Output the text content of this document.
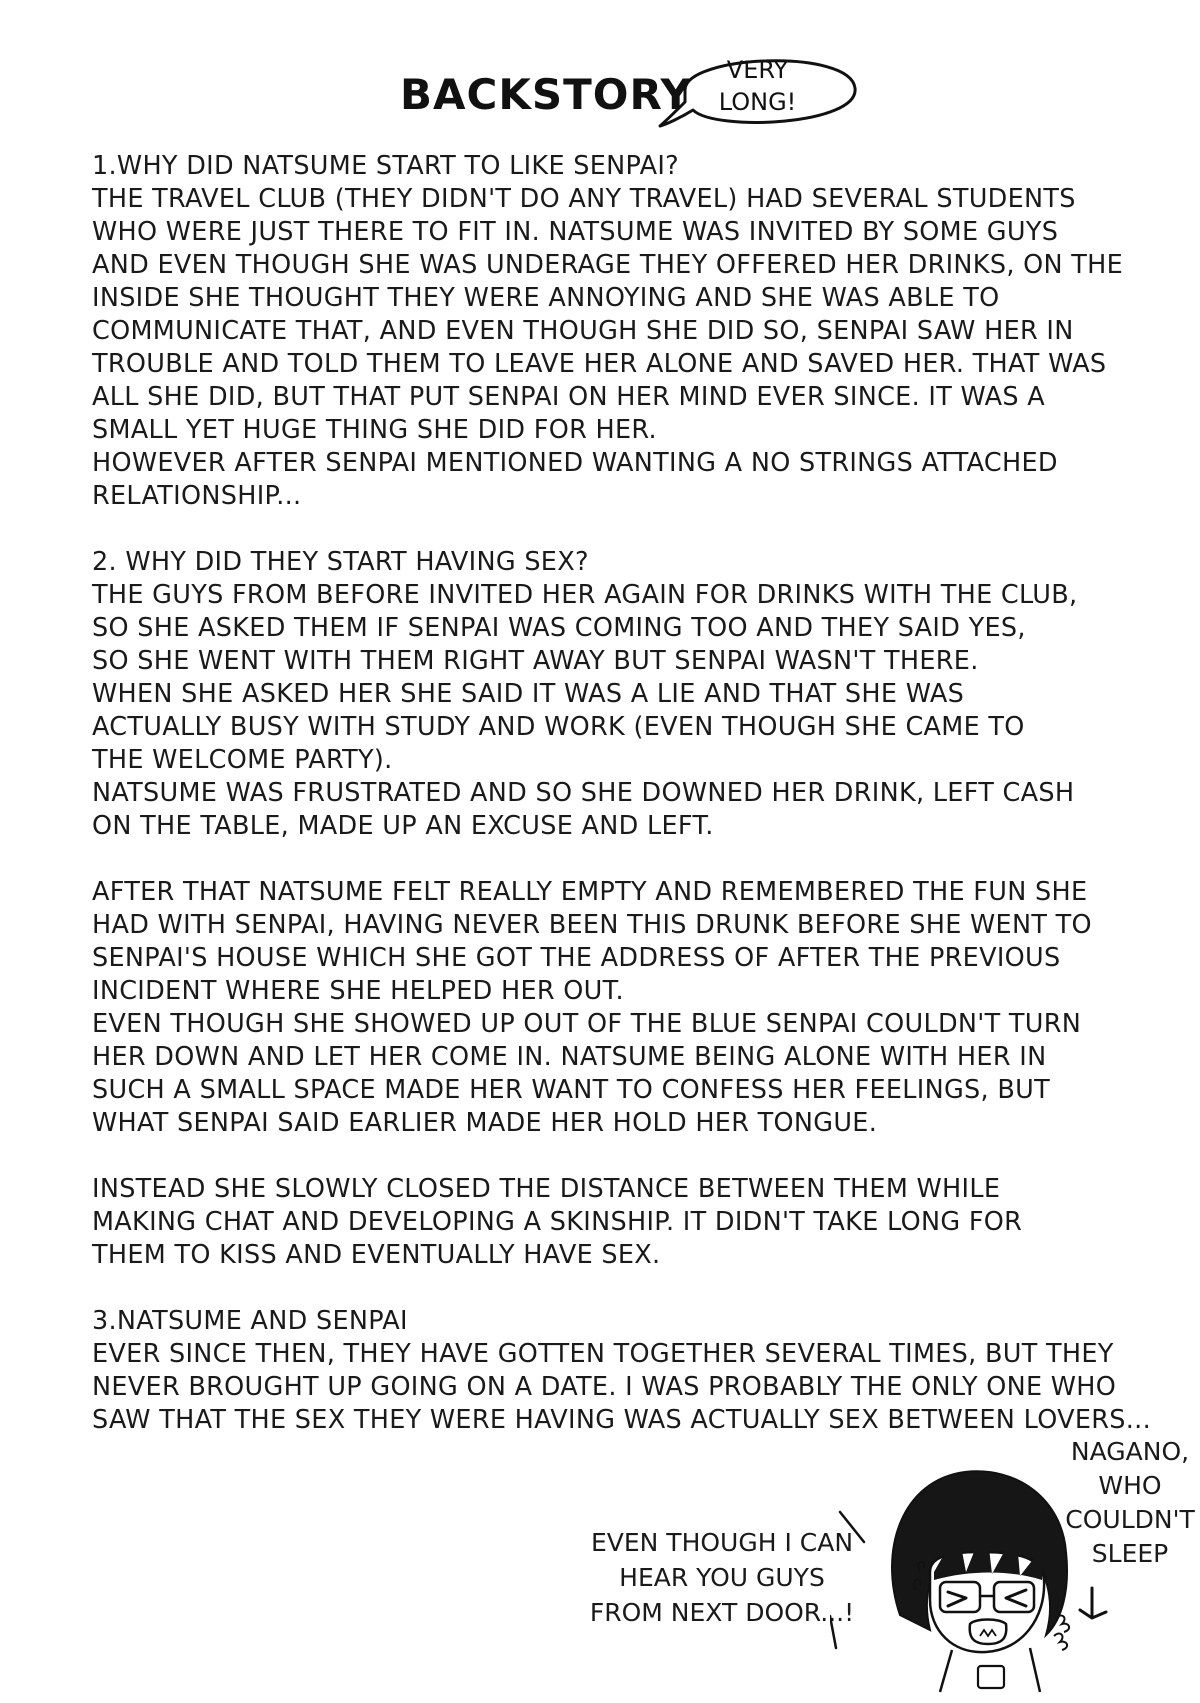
BACKSTORY	VERY
LONG!

1.WHY DID NATSUME START TO LIKE SENPAI?
THE TRAVEL CLUB (THEY DIDN'T DO ANY TRAVEL) HAD SEVERAL STUDENTS
WHO WERE JUST THERE TO FIT IN. NATSUME WAS INVITED BY SOME GUYS
AND EVEN THOUGH SHE WAS UNDERAGE THEY OFFERED HER DRINKS, ON THE
INSIDE SHE THOUGHT THEY WERE ANNOYING AND SHE WAS ABLE TO
COMMUNICATE THAT, AND EVEN THOUGH SHE DID SO, SENPAI SAW HER IN
TROUBLE AND TOLD THEM TO LEAVE HER ALONE AND SAVED HER. THAT WAS
ALL SHE DID, BUT THAT PUT SENPAI ON HER MIND EVER SINCE. IT WAS A
SMALL YET HUGE THING SHE DID FOR HER.
HOWEVER AFTER SENPAI MENTIONED WANTING A NO STRINGS ATTACHED
RELATIONSHIP...

2. WHY DID THEY START HAVING SEX?
THE GUYS FROM BEFORE INVITED HER AGAIN FOR DRINKS WITH THE CLUB,
SO SHE ASKED THEM IF SENPAI WAS COMING TOO AND THEY SAID YES,
SO SHE WENT WITH THEM RIGHT AWAY BUT SENPAI WASN'T THERE.
WHEN SHE ASKED HER SHE SAID IT WAS A LIE AND THAT SHE WAS
ACTUALLY BUSY WITH STUDY AND WORK (EVEN THOUGH SHE CAME TO
THE WELCOME PARTY).
NATSUME WAS FRUSTRATED AND SO SHE DOWNED HER DRINK, LEFT CASH
ON THE TABLE, MADE UP AN EXCUSE AND LEFT.

AFTER THAT NATSUME FELT REALLY EMPTY AND REMEMBERED THE FUN SHE
HAD WITH SENPAI, HAVING NEVER BEEN THIS DRUNK BEFORE SHE WENT TO
SENPAI'S HOUSE WHICH SHE GOT THE ADDRESS OF AFTER THE PREVIOUS
INCIDENT WHERE SHE HELPED HER OUT.
EVEN THOUGH SHE SHOWED UP OUT OF THE BLUE SENPAI COULDN'T TURN
HER DOWN AND LET HER COME IN. NATSUME BEING ALONE WITH HER IN
SUCH A SMALL SPACE MADE HER WANT TO CONFESS HER FEELINGS, BUT
WHAT SENPAI SAID EARLIER MADE HER HOLD HER TONGUE.

INSTEAD SHE SLOWLY CLOSED THE DISTANCE BETWEEN THEM WHILE
MAKING CHAT AND DEVELOPING A SKINSHIP. IT DIDN'T TAKE LONG FOR
THEM TO KISS AND EVENTUALLY HAVE SEX.

3.NATSUME AND SENPAI
EVER SINCE THEN, THEY HAVE GOTTEN TOGETHER SEVERAL TIMES, BUT THEY
NEVER BROUGHT UP GOING ON A DATE. I WAS PROBABLY THE ONLY ONE WHO
SAW THAT THE SEX THEY WERE HAVING WAS ACTUALLY SEX BETWEEN LOVERS...

EVEN THOUGH I CAN
HEAR YOU GUYS
FROM NEXT DOOR...!
NAGANO,
WHO
COULDN'T
SLEEP
